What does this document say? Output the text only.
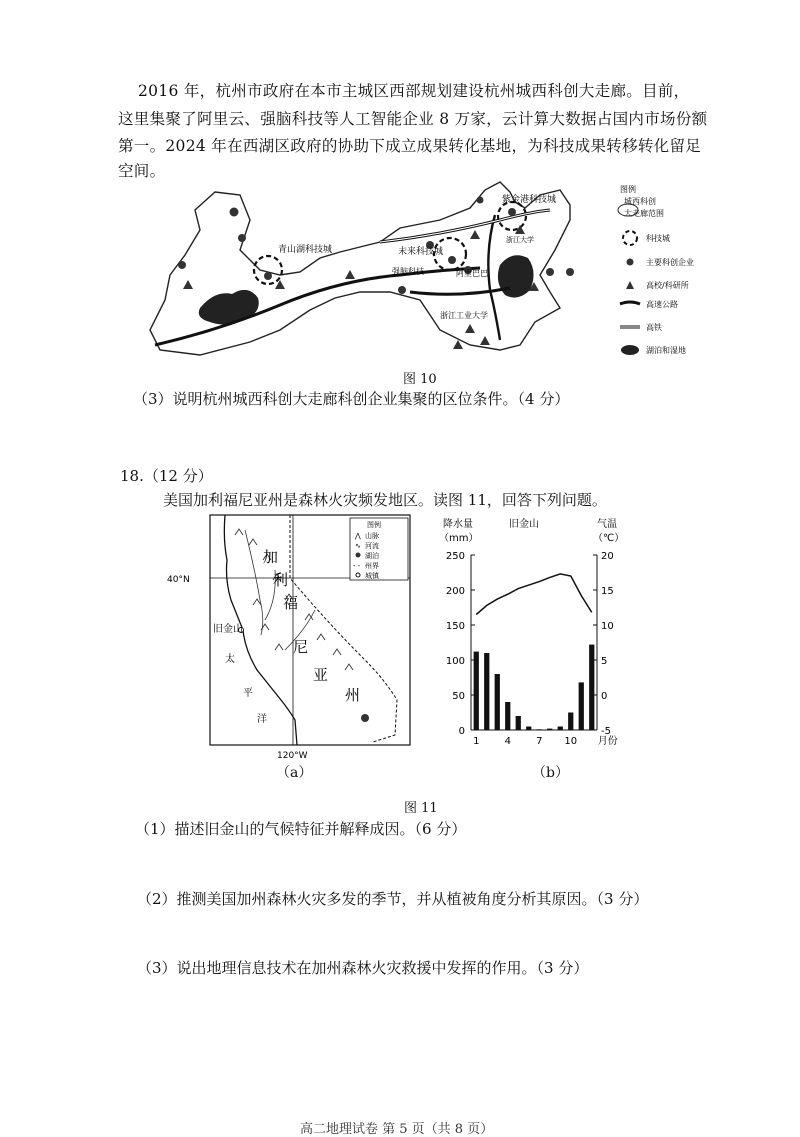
2016 年，杭州市政府在本市主城区西部规划建设杭州城西科创大走廊。目前，
这里集聚了阿里云、强脑科技等人工智能企业 8 万家，云计算大数据占国内市场份额
第一。2024 年在西湖区政府的协助下成立成果转化基地，为科技成果转移转化留足
空间。
青山湖科技城	未来科技城
紫金港科技城
强脑科技	阿里巴巴
浙江工业大学
浙江大学
图例
城西科创
大走廊范围
科技城
主要科创企业
高校/科研所
高速公路
高铁
湖泊和湿地
图 10
（3）说明杭州城西科创大走廊科创企业集聚的区位条件。（4 分）
18.（12 分）
美国加利福尼亚州是森林火灾频发地区。读图 11，回答下列问题。
40°N
120°W
旧金山
加
利
福
尼
亚
州
太
平
洋
图例
⋀ 山脉
∿ 河流
湖泊
- - 州界
城镇
（a）
降水量
（mm）
旧金山	气温
（℃）
0
50
100
150
200
250
-5
0
5
10
15
20
1	4	7 10 月份
（b）
图 11
（1）描述旧金山的气候特征并解释成因。（6 分）
（2）推测美国加州森林火灾多发的季节，并从植被角度分析其原因。（3 分）
（3）说出地理信息技术在加州森林火灾救援中发挥的作用。（3 分）
高二地理试卷 第 5 页（共 8 页）
